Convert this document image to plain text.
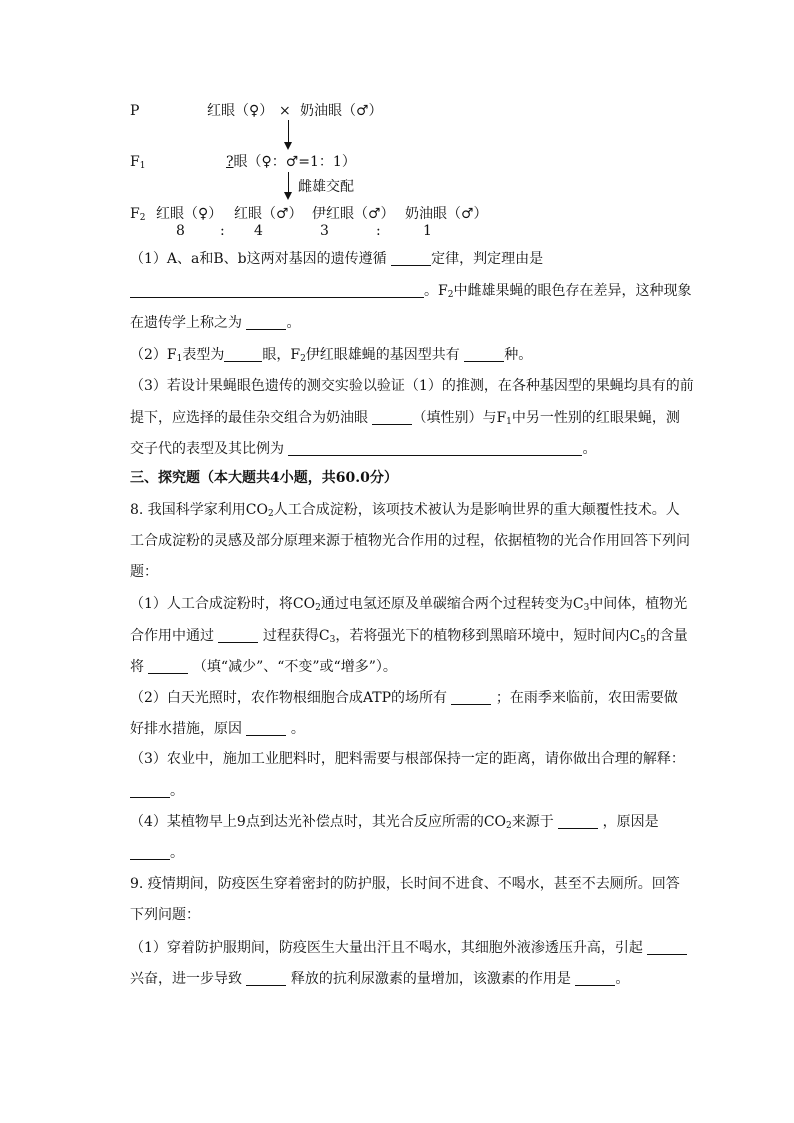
P	红眼（♀） × 奶油眼（♂）
$F_1$	?眼（♀：♂=1：1）
雌雄交配
$F_2$ 红眼（♀） 红眼（♂） 伊红眼（♂） 奶油眼（♂）
8	: 4	3	:	1
（1）A、a和B、b这两对基因的遗传遵循	定律，判定理由是
。$F_2$中雌雄果蝇的眼色存在差异，这种现象
在遗传学上称之为	。
$(2)F_1$表型为	眼，$F_2$伊红眼雄蝇的基因型共有	种。
（3）若设计果蝇眼色遗传的测交实验以验证（1）的推测，在各种基因型的果蝇均具有的前
提下，应选择的最佳杂交组合为奶油眼	（填性别）与$F_1$中另一性别的红眼果蝇，测
交子代的表型及其比例为	。
三、探究题（本大题共4小题，共60.0分）
8. 我国科学家利用$CO_2$人工合成淀粉，该项技术被认为是影响世界的重大颠覆性技术。人
工合成淀粉的灵感及部分原理来源于植物光合作用的过程，依据植物的光合作用回答下列问
题：
（1）人工合成淀粉时，将$CO_2$通过电氢还原及单碳缩合两个过程转变为$C_3$中间体，植物光
合作用中通过	过程获得$C_3$，若将强光下的植物移到黑暗环境中，短时间内$C_5$的含量
将	（填“减少”、“不变”或“增多”）。
（2）白天光照时，农作物根细胞合成ATP的场所有	；在雨季来临前，农田需要做
好排水措施，原因	。
（3）农业中，施加工业肥料时，肥料需要与根部保持一定的距离，请你做出合理的解释：
。
（4）某植物早上9点到达光补偿点时，其光合反应所需的$CO_2$来源于	，原因是
。
9. 疫情期间，防疫医生穿着密封的防护服，长时间不进食、不喝水，甚至不去厕所。回答
下列问题：
（1）穿着防护服期间，防疫医生大量出汗且不喝水，其细胞外液渗透压升高，引起
兴奋，进一步导致	释放的抗利尿激素的量增加，该激素的作用是	。
